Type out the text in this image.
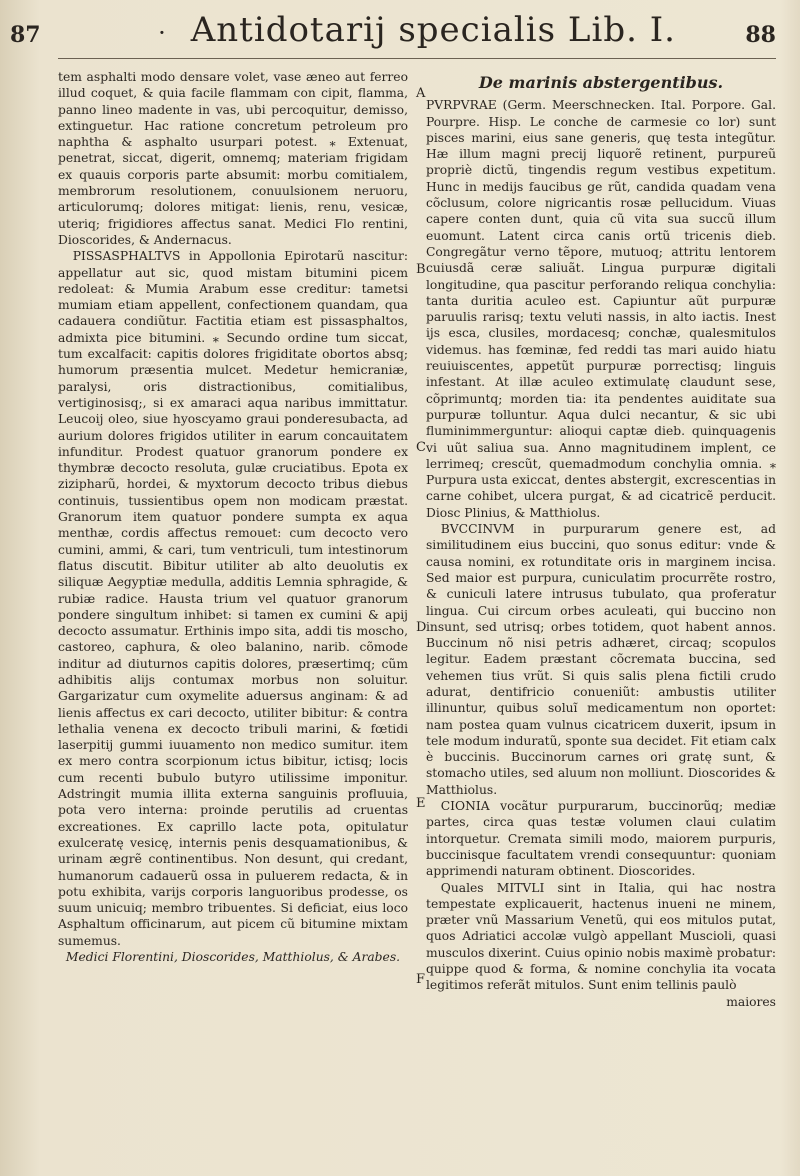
87	· Antidotarij specialis Lib. I.	88
A
B
C
D
E
F

tem asphalti modo densare volet, vase æneo aut ferreo illud coquet, & quia facile flammam con cipit, flamma, panno lineo madente in vas, ubi percoquitur, demisso, extinguetur. Hac ratione concretum petroleum pro naphtha & asphalto usurpari potest. ⁎ Extenuat, penetrat, siccat, digerit, omnemq; materiam frigidam ex quauis corporis parte absumit: morbu comitialem, membrorum resolutionem, conuulsionem neruoru, articulorumq; dolores mitigat: lienis, renu, vesicæ, uteriq; frigidiores affectus sanat. Medici Flo rentini, Dioscorides, & Andernacus.

PISSASPHALTVS in Appollonia Epirotarũ nascitur: appellatur aut sic, quod mistam bitumini picem redoleat: & Mumia Arabum esse creditur: tametsi mumiam etiam appellent, confectionem quandam, qua cadauera condiũtur. Factitia etiam est pissasphaltos, admixta pice bitumini. ⁎ Secundo ordine tum siccat, tum excalfacit: capitis dolores frigiditate obortos absq; humorum præsentia mulcet. Medetur hemicraniæ, paralysi, oris distractionibus, comitialibus, vertiginosisq;, si ex amaraci aqua naribus immittatur. Leucoij oleo, siue hyoscyamo graui ponderesubacta, ad aurium dolores frigidos utiliter in earum concauitatem infunditur. Prodest quatuor granorum pondere ex thymbræ decocto resoluta, gulæ cruciatibus. Epota ex zizipharũ, hordei, & myxtorum decocto tribus diebus continuis, tussientibus opem non modicam præstat. Granorum item quatuor pondere sumpta ex aqua menthæ, cordis affectus remouet: cum decocto vero cumini, ammi, & cari, tum ventriculi, tum intestinorum flatus discutit. Bibitur utiliter ab alto deuolutis ex siliquæ Aegyptiæ medulla, additis Lemnia sphragide, & rubiæ radice. Hausta trium vel quatuor granorum pondere singultum inhibet: si tamen ex cumini & apij decocto assumatur. Erthinis impo sita, addi tis moscho, castoreo, caphura, & oleo balanino, narib. cõmode inditur ad diuturnos capitis dolores, præsertimq; cũm adhibitis alijs contumax morbus non soluitur. Gargarizatur cum oxymelite aduersus anginam: & ad lienis affectus ex cari decocto, utiliter bibitur: & contra lethalia venena ex decocto tribuli marini, & fœtidi laserpitij gummi iuuamento non medico sumitur. item ex mero contra scorpionum ictus bibitur, ictisq; locis cum recenti bubulo butyro utilissime imponitur. Adstringit mumia illita externa sanguinis profluuia, pota vero interna: proinde perutilis ad cruentas excreationes. Ex caprillo lacte pota, opitulatur exulceratę vesicę, internis penis desquamationibus, & urinam ægrẽ continentibus. Non desunt, qui credant, humanorum cadauerũ ossa in puluerem redacta, & in potu exhibita, varijs corporis languoribus prodesse, os suum unicuiq; membro tribuentes. Si deficiat, eius loco Asphaltum officinarum, aut picem cũ bitumine mixtam sumemus.

Medici Florentini, Dioscorides, Matthiolus, & Arabes.
De marinis abstergentibus.

PVRPVRAE (Germ. Meerschnecken. Ital. Porpore. Gal. Pourpre. Hisp. Le conche de carmesie co lor) sunt pisces marini, eius sane generis, quę testa integũtur. Hæ illum magni precij liquorẽ retinent, purpureũ propriè dictũ, tingendis regum vestibus expetitum. Hunc in medijs faucibus ge rũt, candida quadam vena cõclusum, colore nigricantis rosæ pellucidum. Viuas capere conten dunt, quia cũ vita sua succũ illum euomunt. Latent circa canis ortũ tricenis dieb. Congregãtur verno tẽpore, mutuoq; attritu lentorem cuiusdã ceræ saliuãt. Lingua purpuræ digitali longitudine, qua pascitur perforando reliqua conchylia: tanta duritia aculeo est. Capiuntur aũt purpuræ paruulis rarisq; textu veluti nassis, in alto iactis. Inest ijs esca, clusiles, mordacesq; conchæ, qualesmitulos videmus. has fœminæ, fed reddi tas mari auido hiatu reuiuiscentes, appetũt purpuræ porrectisq; linguis infestant. At illæ aculeo extimulatę claudunt sese, cõprimuntq; morden tia: ita pendentes auiditate sua purpuræ tolluntur. Aqua dulci necantur, & sic ubi fluminimmerguntur: alioqui captæ dieb. quinquagenis vi uũt saliua sua. Anno magnitudinem implent, ce lerrimeq; crescũt, quemadmodum conchylia omnia. ⁎ Purpura usta exiccat, dentes abstergit, excrescentias in carne cohibet, ulcera purgat, & ad cicatricẽ perducit. Diosc Plinius, & Matthiolus.

BVCCINVM in purpurarum genere est, ad similitudinem eius buccini, quo sonus editur: vnde & causa nomini, ex rotunditate oris in marginem incisa. Sed maior est purpura, cuniculatim procurrẽte rostro, & cuniculi latere intrusus tubulato, qua proferatur lingua. Cui circum orbes aculeati, qui buccino non insunt, sed utrisq; orbes totidem, quot habent annos. Buccinum nõ nisi petris adhæret, circaq; scopulos legitur. Eadem præstant cõcremata buccina, sed vehemen tius vrũt. Si quis salis plena fictili crudo adurat, dentifricio conueniũt: ambustis utiliter illinuntur, quibus soluĩ medicamentum non oportet: nam postea quam vulnus cicatricem duxerit, ipsum in tele modum induratũ, sponte sua decidet. Fit etiam calx è buccinis. Buccinorum carnes ori gratę sunt, & stomacho utiles, sed aluum non molliunt. Dioscorides & Matthiolus.

CIONIA vocãtur purpurarum, buccinorũq; mediæ partes, circa quas testæ volumen claui culatim intorquetur. Cremata simili modo, maiorem purpuris, buccinisque facultatem vrendi consequuntur: quoniam apprimendi naturam obtinent. Dioscorides.

Quales MITVLI sint in Italia, qui hac nostra tempestate explicauerit, hactenus inueni ne minem, præter vnũ Massarium Venetũ, qui eos mitulos putat, quos Adriatici accolæ vulgò appellant Muscioli, quasi musculos dixerint. Cuius opinio nobis maximè probatur: quippe quod & forma, & nomine conchylia ita vocata legitimos referãt mitulos. Sunt enim tellinis paulò

maiores
